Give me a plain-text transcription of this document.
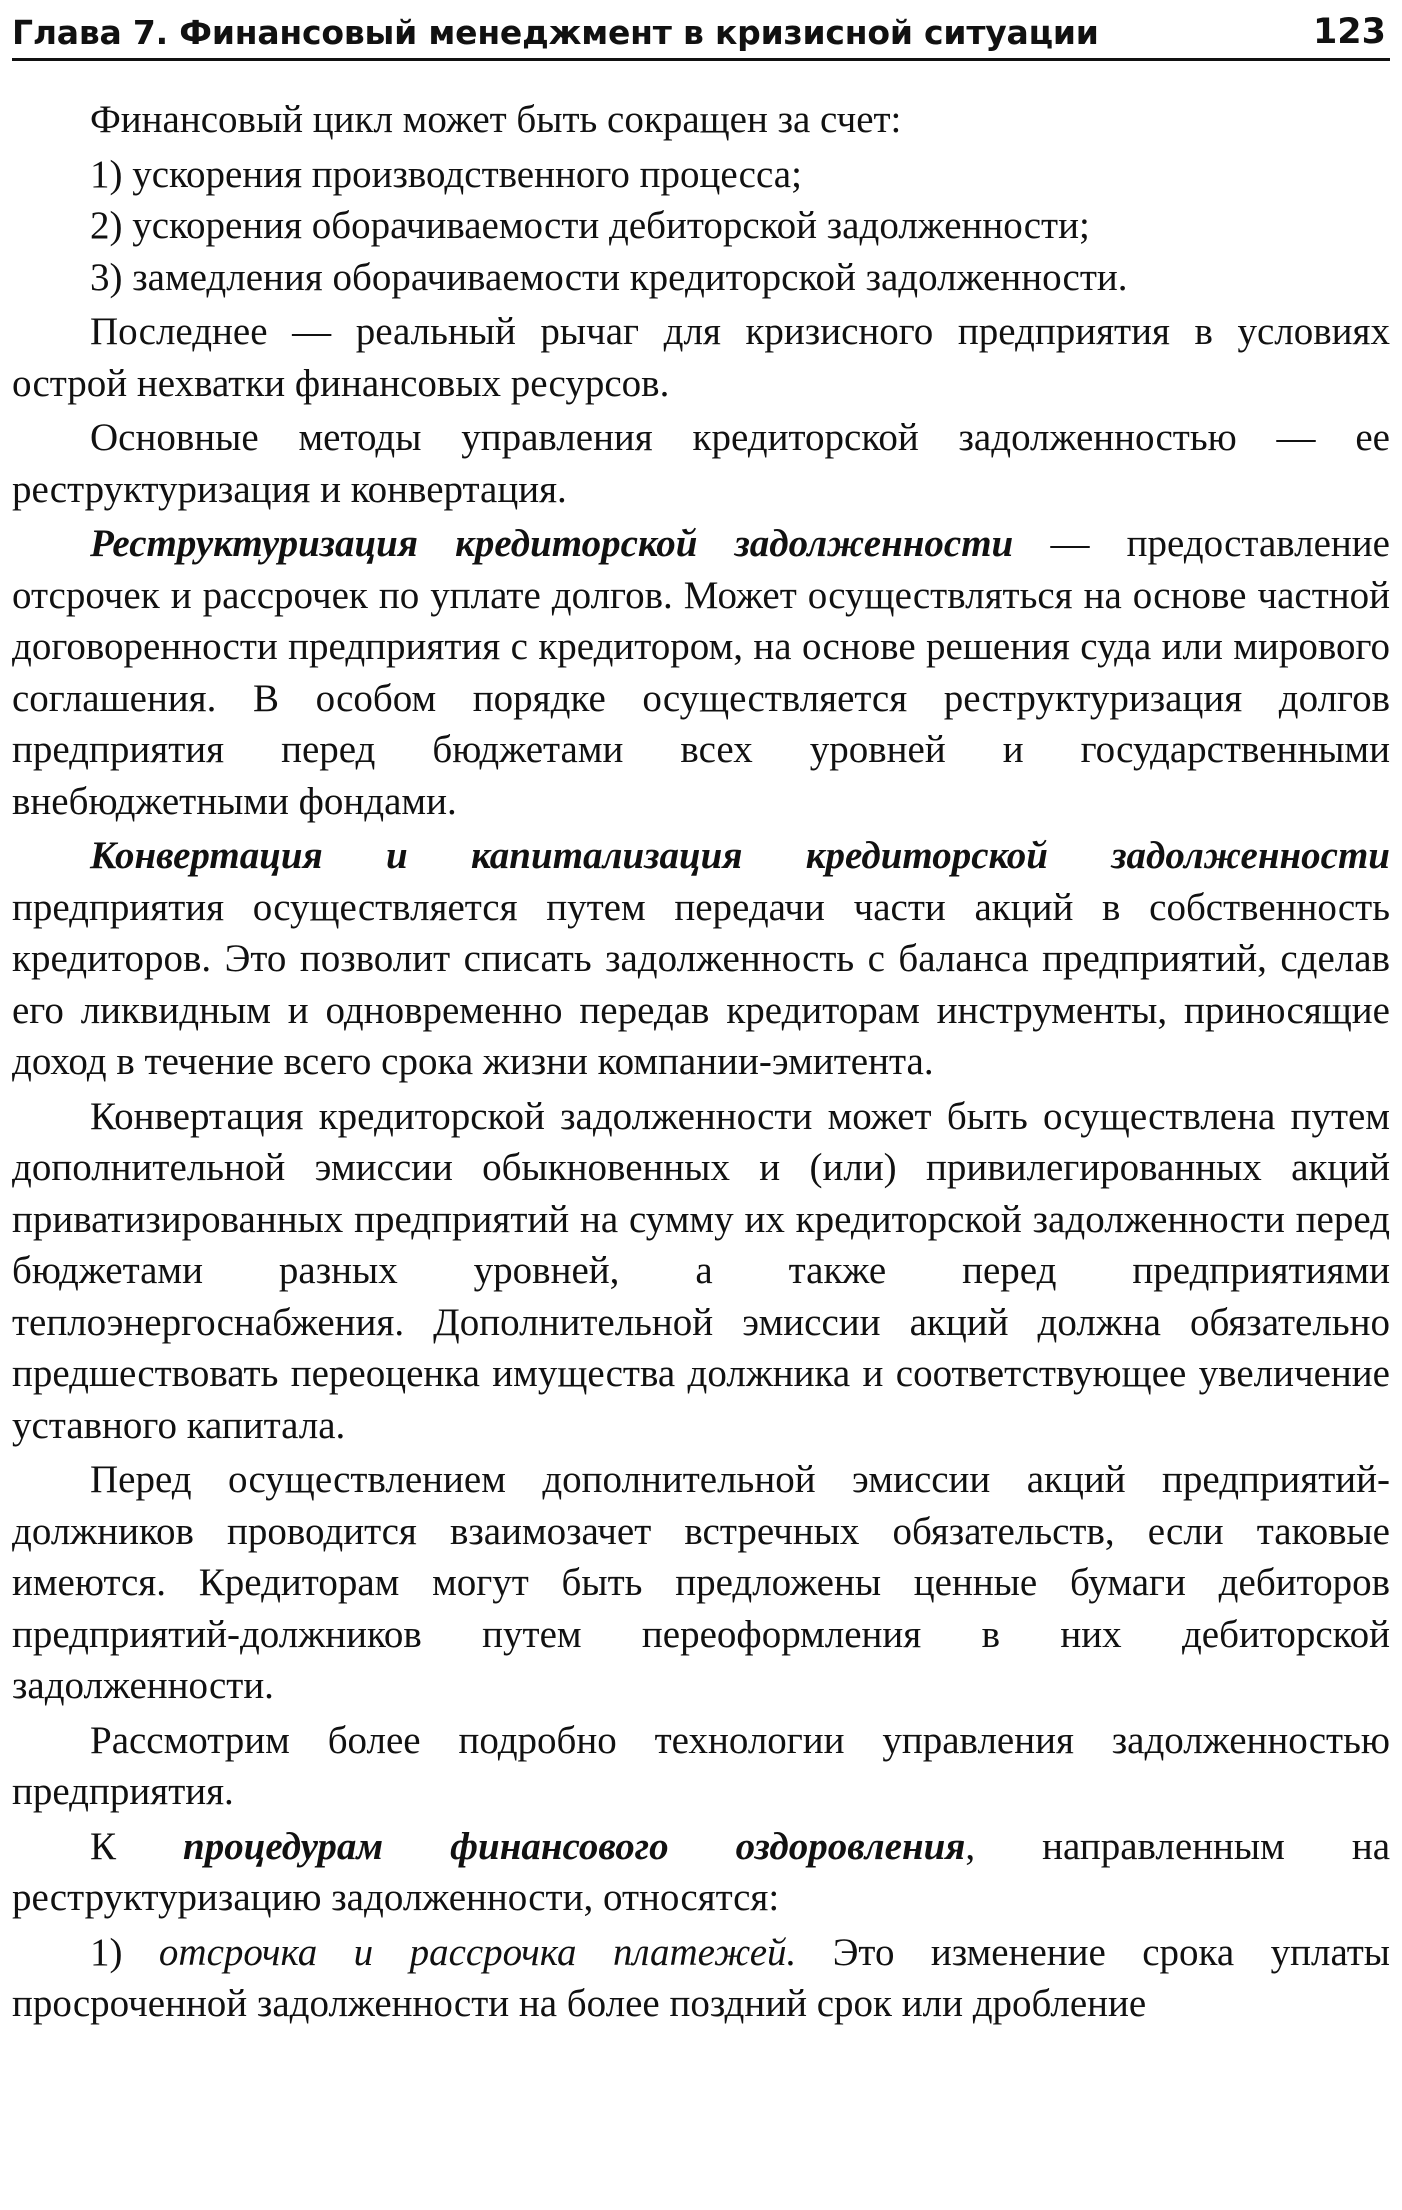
Глава 7. Финансовый менеджмент в кризисной ситуации	123

Финансовый цикл может быть сокращен за счет:

1) ускорения производственного процесса;

2) ускорения оборачиваемости дебиторской задолженности;

3) замедления оборачиваемости кредиторской задолженности.

Последнее — реальный рычаг для кризисного предприятия в условиях острой нехватки финансовых ресурсов.

Основные методы управления кредиторской задолженностью — ее реструктуризация и конвертация.

Реструктуризация кредиторской задолженности — предоставление отсрочек и рассрочек по уплате долгов. Может осуществляться на основе частной договоренности предприятия с кредитором, на основе решения суда или мирового соглашения. В особом порядке осуществляется реструктуризация долгов предприятия перед бюджетами всех уровней и государственными внебюджетными фондами.

Конвертация и капитализация кредиторской задолженности предприятия осуществляется путем передачи части акций в собственность кредиторов. Это позволит списать задолженность с баланса предприятий, сделав его ликвидным и одновременно передав кредиторам инструменты, приносящие доход в течение всего срока жизни компании-эмитента.

Конвертация кредиторской задолженности может быть осуществлена путем дополнительной эмиссии обыкновенных и (или) привилегированных акций приватизированных предприятий на сумму их кредиторской задолженности перед бюджетами разных уровней, а также перед предприятиями теплоэнергоснабжения. Дополнительной эмиссии акций должна обязательно предшествовать переоценка имущества должника и соответствующее увеличение уставного капитала.

Перед осуществлением дополнительной эмиссии акций предприятий-должников проводится взаимозачет встречных обязательств, если таковые имеются. Кредиторам могут быть предложены ценные бумаги дебиторов предприятий-должников путем переоформления в них дебиторской задолженности.

Рассмотрим более подробно технологии управления задолженностью предприятия.

К процедурам финансового оздоровления, направленным на реструктуризацию задолженности, относятся:

1) отсрочка и рассрочка платежей. Это изменение срока уплаты просроченной задолженности на более поздний срок или дробление
